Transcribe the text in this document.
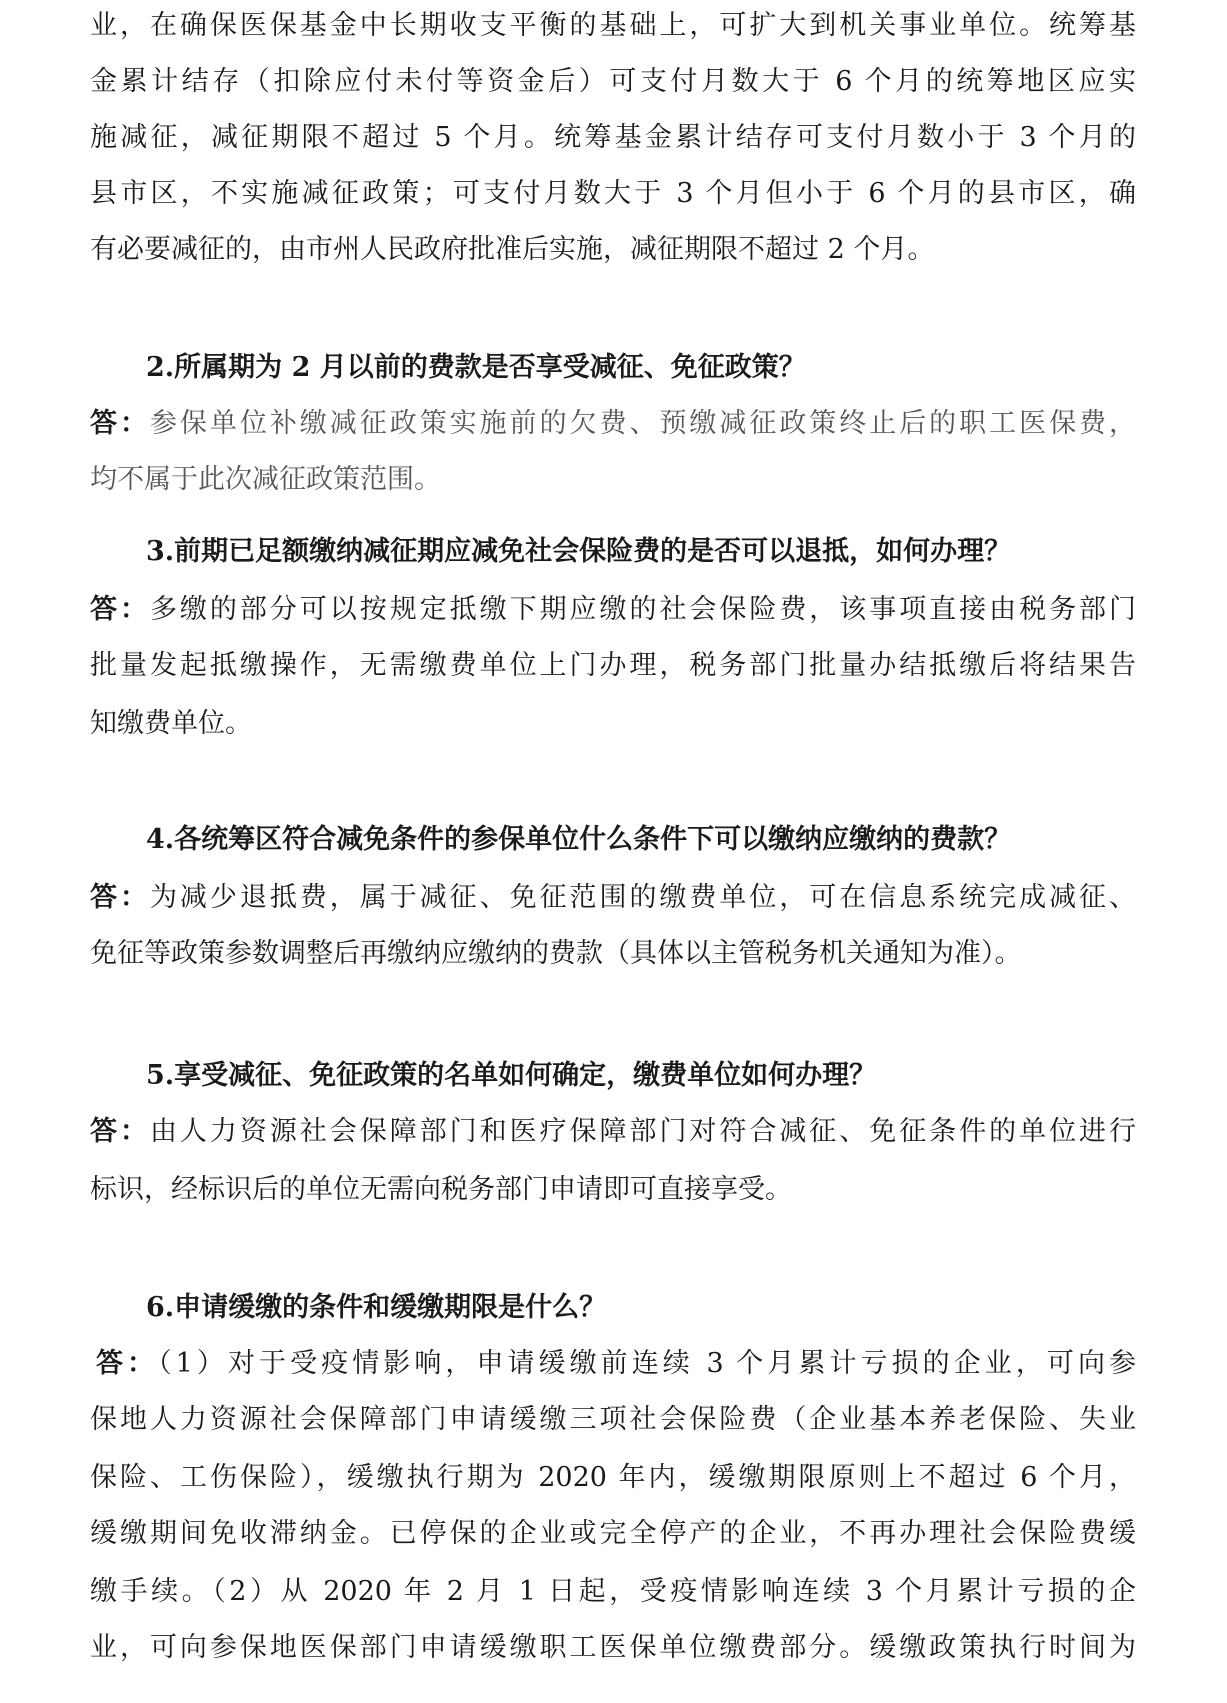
业，在确保医保基金中长期收支平衡的基础上，可扩大到机关事业单位。统筹基
金累计结存（扣除应付未付等资金后）可支付月数大于 6 个月的统筹地区应实
施减征，减征期限不超过 5 个月。统筹基金累计结存可支付月数小于 3 个月的
县市区，不实施减征政策；可支付月数大于 3 个月但小于 6 个月的县市区，确
有必要减征的，由市州人民政府批准后实施，减征期限不超过 2 个月。
2.所属期为 2 月以前的费款是否享受减征、免征政策？
答：参保单位补缴减征政策实施前的欠费、预缴减征政策终止后的职工医保费，
均不属于此次减征政策范围。
3.前期已足额缴纳减征期应减免社会保险费的是否可以退抵，如何办理？
答：多缴的部分可以按规定抵缴下期应缴的社会保险费，该事项直接由税务部门
批量发起抵缴操作，无需缴费单位上门办理，税务部门批量办结抵缴后将结果告
知缴费单位。
4.各统筹区符合减免条件的参保单位什么条件下可以缴纳应缴纳的费款？
答：为减少退抵费，属于减征、免征范围的缴费单位，可在信息系统完成减征、
免征等政策参数调整后再缴纳应缴纳的费款（具体以主管税务机关通知为准）。
5.享受减征、免征政策的名单如何确定，缴费单位如何办理？
答：由人力资源社会保障部门和医疗保障部门对符合减征、免征条件的单位进行
标识，经标识后的单位无需向税务部门申请即可直接享受。
6.申请缓缴的条件和缓缴期限是什么？
答：（1）对于受疫情影响，申请缓缴前连续 3 个月累计亏损的企业，可向参
保地人力资源社会保障部门申请缓缴三项社会保险费（企业基本养老保险、失业
保险、工伤保险），缓缴执行期为 2020 年内，缓缴期限原则上不超过 6 个月，
缓缴期间免收滞纳金。已停保的企业或完全停产的企业，不再办理社会保险费缓
缴手续。（2）从 2020 年 2 月 1 日起，受疫情影响连续 3 个月累计亏损的企
业，可向参保地医保部门申请缓缴职工医保单位缴费部分。缓缴政策执行时间为
